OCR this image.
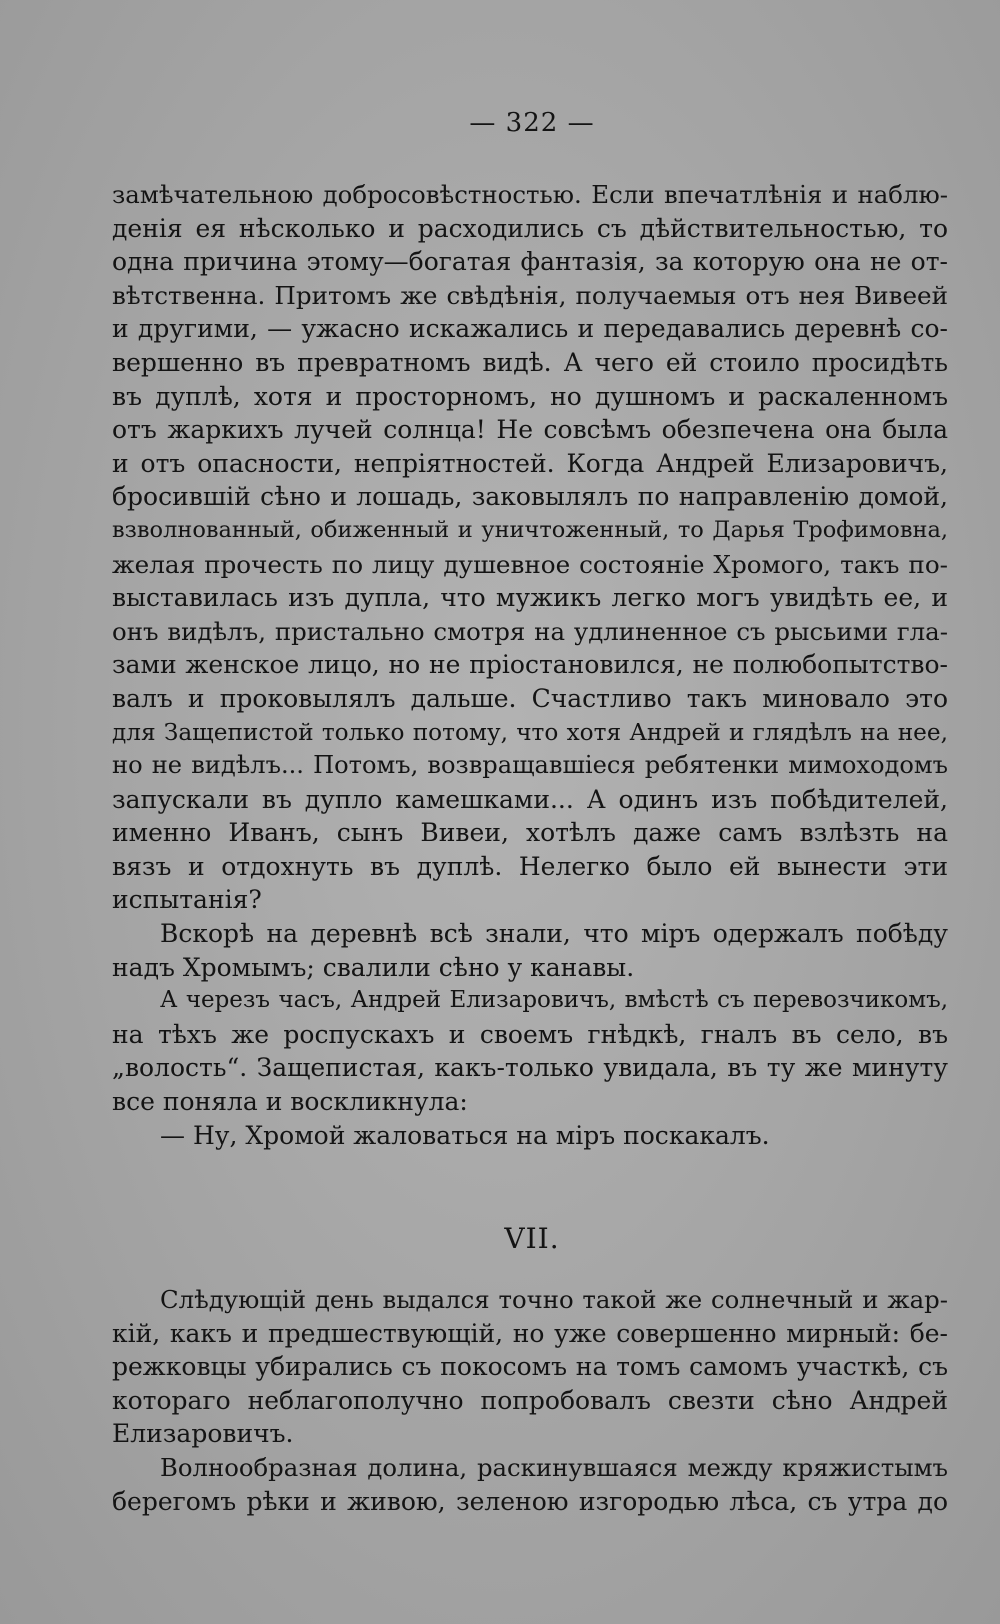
— 322 —
замѣчательною добросовѣстностью. Если впечатлѣнія и наблю-
денія ея нѣсколько и расходились съ дѣйствительностью, то
одна причина этому—богатая фантазія, за которую она не от-
вѣтственна. Притомъ же свѣдѣнія, получаемыя отъ нея Вивеей
и другими, — ужасно искажались и передавались деревнѣ со-
вершенно въ превратномъ видѣ. А чего ей стоило просидѣть
въ дуплѣ, хотя и просторномъ, но душномъ и раскаленномъ
отъ жаркихъ лучей солнца! Не совсѣмъ обезпечена она была
и отъ опасности, непріятностей. Когда Андрей Елизаровичъ,
бросившій сѣно и лошадь, заковылялъ по направленію домой,
взволнованный, обиженный и уничтоженный, то Дарья Трофимовна,
желая прочесть по лицу душевное состояніе Хромого, такъ по-
выставилась изъ дупла, что мужикъ легко могъ увидѣть ее, и
онъ видѣлъ, пристально смотря на удлиненное съ рысьими гла-
зами женское лицо, но не пріостановился, не полюбопытство-
валъ и проковылялъ дальше. Счастливо такъ миновало это
для Защепистой только потому, что хотя Андрей и глядѣлъ на нее,
но не видѣлъ... Потомъ, возвращавшіеся ребятенки мимоходомъ
запускали въ дупло камешками... А одинъ изъ побѣдителей,
именно Иванъ, сынъ Вивеи, хотѣлъ даже самъ взлѣзть на
вязъ и отдохнуть въ дуплѣ. Нелегко было ей вынести эти
испытанія?
Вскорѣ на деревнѣ всѣ знали, что міръ одержалъ побѣду
надъ Хромымъ; свалили сѣно у канавы.
А черезъ часъ, Андрей Елизаровичъ, вмѣстѣ съ перевозчикомъ,
на тѣхъ же роспускахъ и своемъ гнѣдкѣ, гналъ въ село, въ
„волость“. Защепистая, какъ-только увидала, въ ту же минуту
все поняла и воскликнула:
— Ну, Хромой жаловаться на міръ поскакалъ.
VII.
Слѣдующій день выдался точно такой же солнечный и жар-
кій, какъ и предшествующій, но уже совершенно мирный: бе-
режковцы убирались съ покосомъ на томъ самомъ участкѣ, съ
котораго неблагополучно попробовалъ свезти сѣно Андрей
Елизаровичъ.
Волнообразная долина, раскинувшаяся между кряжистымъ
берегомъ рѣки и живою, зеленою изгородью лѣса, съ утра до
